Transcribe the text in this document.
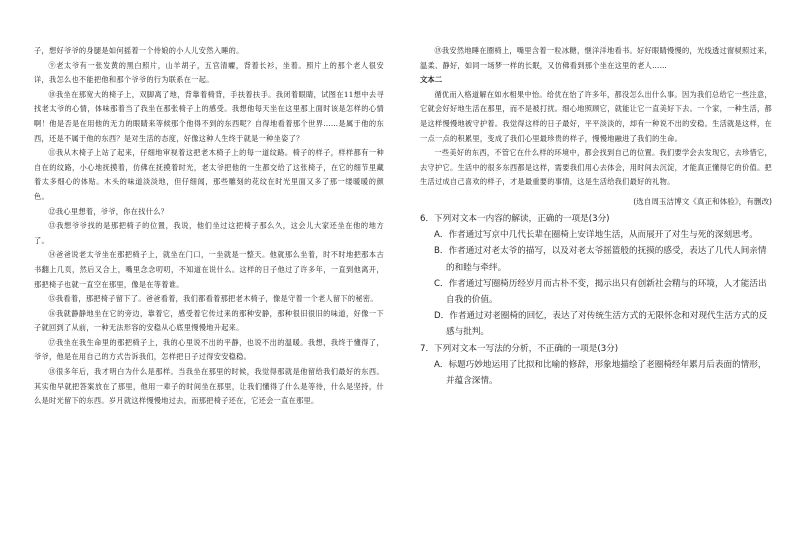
子，想好爷爷的身腿是如何摇着一个侍娘的小人儿安然入睡的。

⑨老太爷有一张发黄的黑白照片，山羊胡子，五官清癯，背着长衫，坐着。照片上的那个老人很安详，我怎么也不能把他和那个爷爷的行为联系在一起。

⑩我坐在那宽大的椅子上，双脚离了地，背靠着椅背，手扶着扶手。我闭着眼睛，试图在11想中去寻找老太爷的心情，体味那着当了我坐在那张椅子上的感受。我想他每天坐在这里那上面时该是怎样的心情啊！他是否是在用他的无力的眼睛来等候那个他得不到的东西呢？自得地看着那个世界……是属于他的东西，还是不属于他的东西？是对生活的态度，好像这种人生终于就是一种坐姿了？

⑪我从木椅子上站了起来，仔细地审视着这把老木椅子上的每一道纹路。椅子的样子，样样都有一种自在的纹路，小心地抚摸着，仿佛在抚摸着时光，老太爷把他的一生都交给了这张椅子，在它的细节里藏着太多细心的体贴。木头的味道淡淡地，但仔细闻，那些雕刻的花纹在时光里面又多了那一缕暖暖的颜色。

⑫我心里想着，爷爷，你在找什么？

⑬我想爷爷找的是那把椅子的位置，我说，他们坐过这把椅子那么久，这会儿大家还坐在他的地方了。

⑭爸爸说老太爷坐在那把椅子上，就坐在门口，一坐就是一整天。他就那么坐着，时不时地把那本古书翻上几页，然后又合上，嘴里念念叨叨，不知道在说什么。这样的日子他过了许多年，一直到他离开，那把椅子也就一直空在那里，像是在等着谁。

⑮我看着，那把椅子留下了。爸爸看着，我们都看着那把老木椅子，像是守着一个老人留下的秘密。

⑯我就静静地坐在它的旁边，靠着它，感受着它传过来的那种安静，那种很旧很旧的味道，好像一下子就回到了从前，一种无法形容的安稳从心底里慢慢地升起来。

⑰我坐在我生命里的那把椅子上，我的心里说不出的平静，也说不出的温暖。我想，我终于懂得了，爷爷，他是在用自己的方式告诉我们，怎样把日子过得安安稳稳。

⑱很多年后，我才明白为什么是那样。当我坐在那里的时候，我觉得那就是他留给我们最好的东西。其实他早就把答案放在了那里，他用一辈子的时间坐在那里，让我们懂得了什么是等待，什么是坚持，什么是时光留下的东西。岁月就这样慢慢地过去，而那把椅子还在，它还会一直在那里。

⑲我安然地睡在圈椅上，嘴里含着一粒冰糖，惬洋洋地看书。好好眼睛慢慢的，光线透过窗棂照过来，温柔、静好，如同一场梦一样的长眠，又仿佛看到那个坐在这里的老人……

文本二

循优而入格道解在如水相果中怡。给优在怡了许多年，都没怎么出什么事。因为我们总给它一些注意，它就会好好地生活在那里，而不是被打扰。细心地照顾它，就能让它一直美好下去。一个家，一种生活，都是这样慢慢地被守护着。我觉得这样的日子最好，平平淡淡的，却有一种说不出的安稳。生活就是这样，在一点一点的积累里，变成了我们心里最珍贵的样子，慢慢地融进了我们的生命。

一些美好的东西，不管它在什么样的环境中，都会找到自己的位置。我们要学会去发现它，去珍惜它，去守护它。生活中的很多东西都是这样，需要我们用心去体会，用时间去沉淀，才能真正懂得它的价值。把生活过成自己喜欢的样子，才是最重要的事情，这是生活给我们最好的礼物。

(选自周玉洁博文《真正和体验》，有删改)

6．下列对文本一内容的解读，正确的一项是(3分)

A．作者通过写京中几代长辈在圈椅上安详地生活，从而展开了对生与死的深刻思考。

B．作者通过对老太爷的描写，以及对老太爷摇篮般的抚摸的感受，表达了几代人间亲情的和睦与牵绊。

C．作者通过写圈椅历经岁月而古朴不变，揭示出只有创新社会精与的环境，人才能活出自我的价值。

D．作者通过对老圈椅的回忆，表达了对传统生活方式的无限怀念和对现代生活方式的反感与批判。

7．下列对文本一写法的分析，不正确的一项是(3分)

A．标题巧妙地运用了比拟和比喻的修辞，形象地描绘了老圈椅经年累月后表面的情形，并蕴含深情。
